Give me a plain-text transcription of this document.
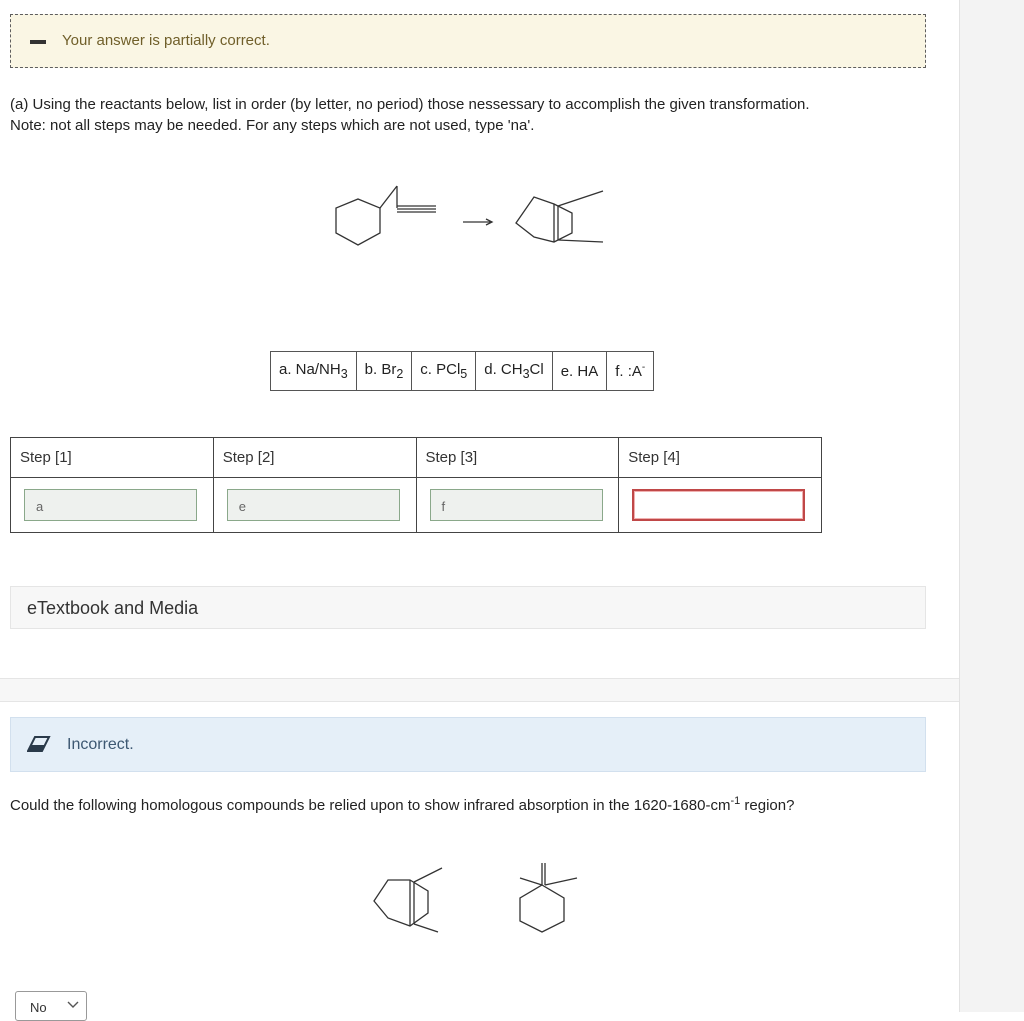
Your answer is partially correct.
(a) Using the reactants below, list in order (by letter, no period) those nessessary to accomplish the given transformation.
Note: not all steps may be needed. For any steps which are not used, type 'na'.
a. $Na/NH_3$	b. $Br_2$	c. PCl$_5$	d. $CH_3Cl$	e. HA	f. :A-
Step [1]	Step [2]	Step [3]	Step [4]

a	e	f	

eTextbook and Media
Incorrect.
Could the following homologous compounds be relied upon to show infrared absorption in the $1620-1680-cm^{-1}$ region?
No
